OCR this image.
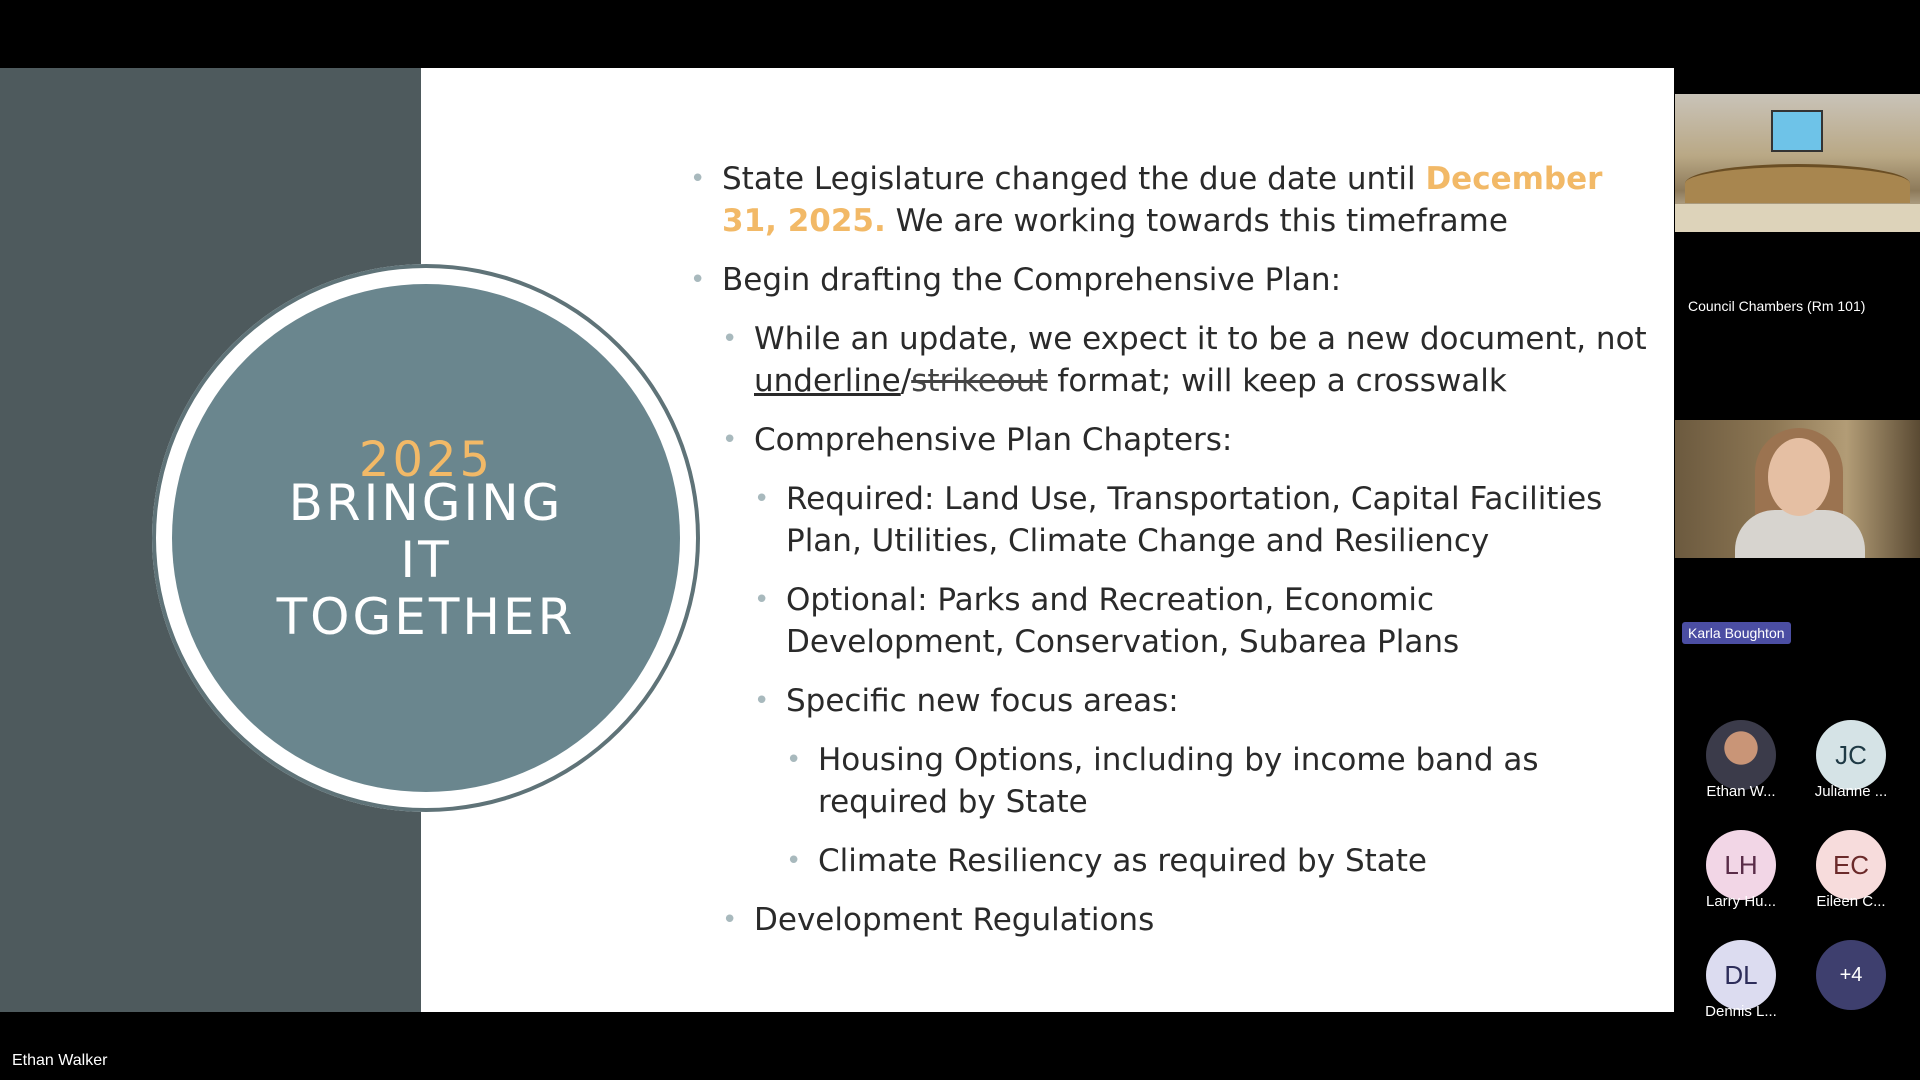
2025
BRINGING
IT
TOGETHER
• State Legislature changed the due date until December 31, 2025. We are working towards this timeframe
• Begin drafting the Comprehensive Plan:
• While an update, we expect it to be a new document, not underline/strikeout format; will keep a crosswalk
• Comprehensive Plan Chapters:
• Required: Land Use, Transportation, Capital Facilities Plan, Utilities, Climate Change and Resiliency
• Optional: Parks and Recreation, Economic Development, Conservation, Subarea Plans
• Specific new focus areas:
• Housing Options, including by income band as required by State
• Climate Resiliency as required by State
• Development Regulations
Council Chambers (Rm 101)
Karla Boughton
Ethan W...
JC
Julianne ...
LH
Larry Hu...
EC
Eileen C...
DL
Dennis L...
+4
Ethan Walker
